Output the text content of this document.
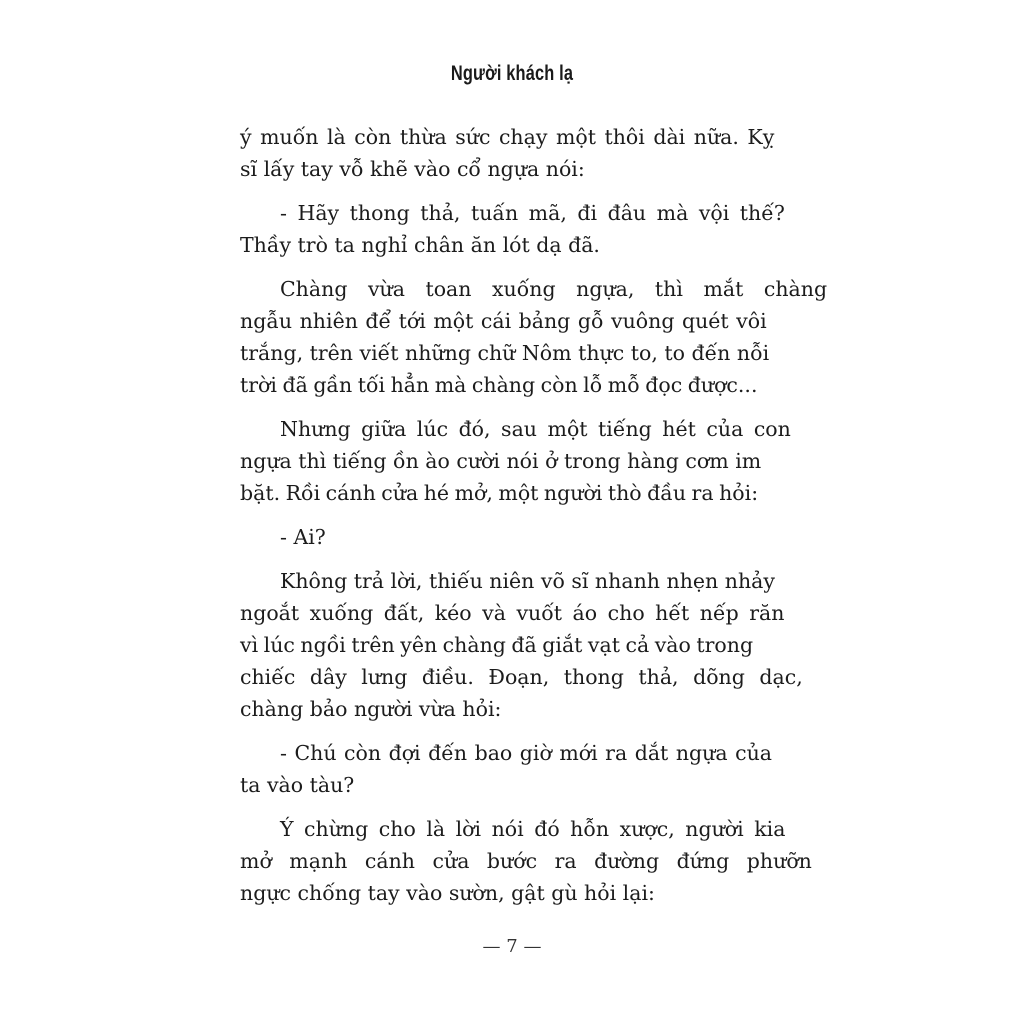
Người khách lạ
ý muốn là còn thừa sức chạy một thôi dài nữa. Kỵ
sĩ lấy tay vỗ khẽ vào cổ ngựa nói:
- Hãy thong thả, tuấn mã, đi đâu mà vội thế?
Thầy trò ta nghỉ chân ăn lót dạ đã.
Chàng vừa toan xuống ngựa, thì mắt chàng
ngẫu nhiên để tới một cái bảng gỗ vuông quét vôi
trắng, trên viết những chữ Nôm thực to, to đến nỗi
trời đã gần tối hẳn mà chàng còn lỗ mỗ đọc được...
Nhưng giữa lúc đó, sau một tiếng hét của con
ngựa thì tiếng ồn ào cười nói ở trong hàng cơm im
bặt. Rồi cánh cửa hé mở, một người thò đầu ra hỏi:
- Ai?
Không trả lời, thiếu niên võ sĩ nhanh nhẹn nhảy
ngoắt xuống đất, kéo và vuốt áo cho hết nếp răn
vì lúc ngồi trên yên chàng đã giắt vạt cả vào trong
chiếc dây lưng điều. Đoạn, thong thả, dõng dạc,
chàng bảo người vừa hỏi:
- Chú còn đợi đến bao giờ mới ra dắt ngựa của
ta vào tàu?
Ý chừng cho là lời nói đó hỗn xược, người kia
mở mạnh cánh cửa bước ra đường đứng phưỡn
ngực chống tay vào sườn, gật gù hỏi lại:
— 7 —
